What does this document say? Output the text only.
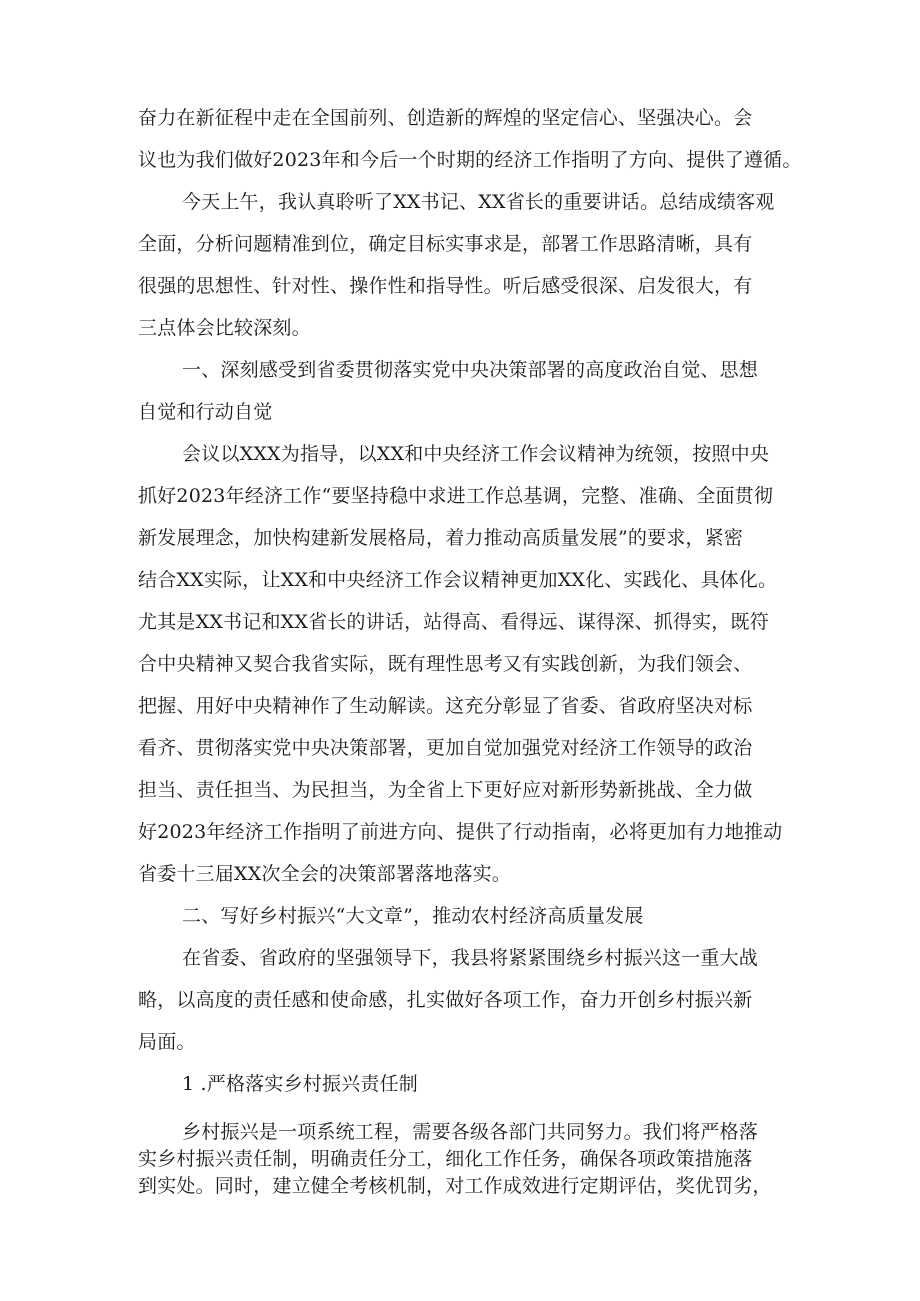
奋力在新征程中走在全国前列、创造新的辉煌的坚定信心、坚强决心。会
议也为我们做好2023年和今后一个时期的经济工作指明了方向、提供了遵循。
今天上午，我认真聆听了XX书记、XX省长的重要讲话。总结成绩客观
全面，分析问题精准到位，确定目标实事求是，部署工作思路清晰，具有
很强的思想性、针对性、操作性和指导性。听后感受很深、启发很大，有
三点体会比较深刻。
一、深刻感受到省委贯彻落实党中央决策部署的高度政治自觉、思想
自觉和行动自觉
会议以XXX为指导，以XX和中央经济工作会议精神为统领，按照中央
抓好2023年经济工作“要坚持稳中求进工作总基调，完整、准确、全面贯彻
新发展理念，加快构建新发展格局，着力推动高质量发展”的要求，紧密
结合XX实际，让XX和中央经济工作会议精神更加XX化、实践化、具体化。
尤其是XX书记和XX省长的讲话，站得高、看得远、谋得深、抓得实，既符
合中央精神又契合我省实际，既有理性思考又有实践创新，为我们领会、
把握、用好中央精神作了生动解读。这充分彰显了省委、省政府坚决对标
看齐、贯彻落实党中央决策部署，更加自觉加强党对经济工作领导的政治
担当、责任担当、为民担当，为全省上下更好应对新形势新挑战、全力做
好2023年经济工作指明了前进方向、提供了行动指南，必将更加有力地推动
省委十三届XX次全会的决策部署落地落实。
二、写好乡村振兴“大文章”，推动农村经济高质量发展
在省委、省政府的坚强领导下，我县将紧紧围绕乡村振兴这一重大战
略，以高度的责任感和使命感，扎实做好各项工作，奋力开创乡村振兴新
局面。
1 .严格落实乡村振兴责任制
乡村振兴是一项系统工程，需要各级各部门共同努力。我们将严格落
实乡村振兴责任制，明确责任分工，细化工作任务，确保各项政策措施落
到实处。同时，建立健全考核机制，对工作成效进行定期评估，奖优罚劣，
